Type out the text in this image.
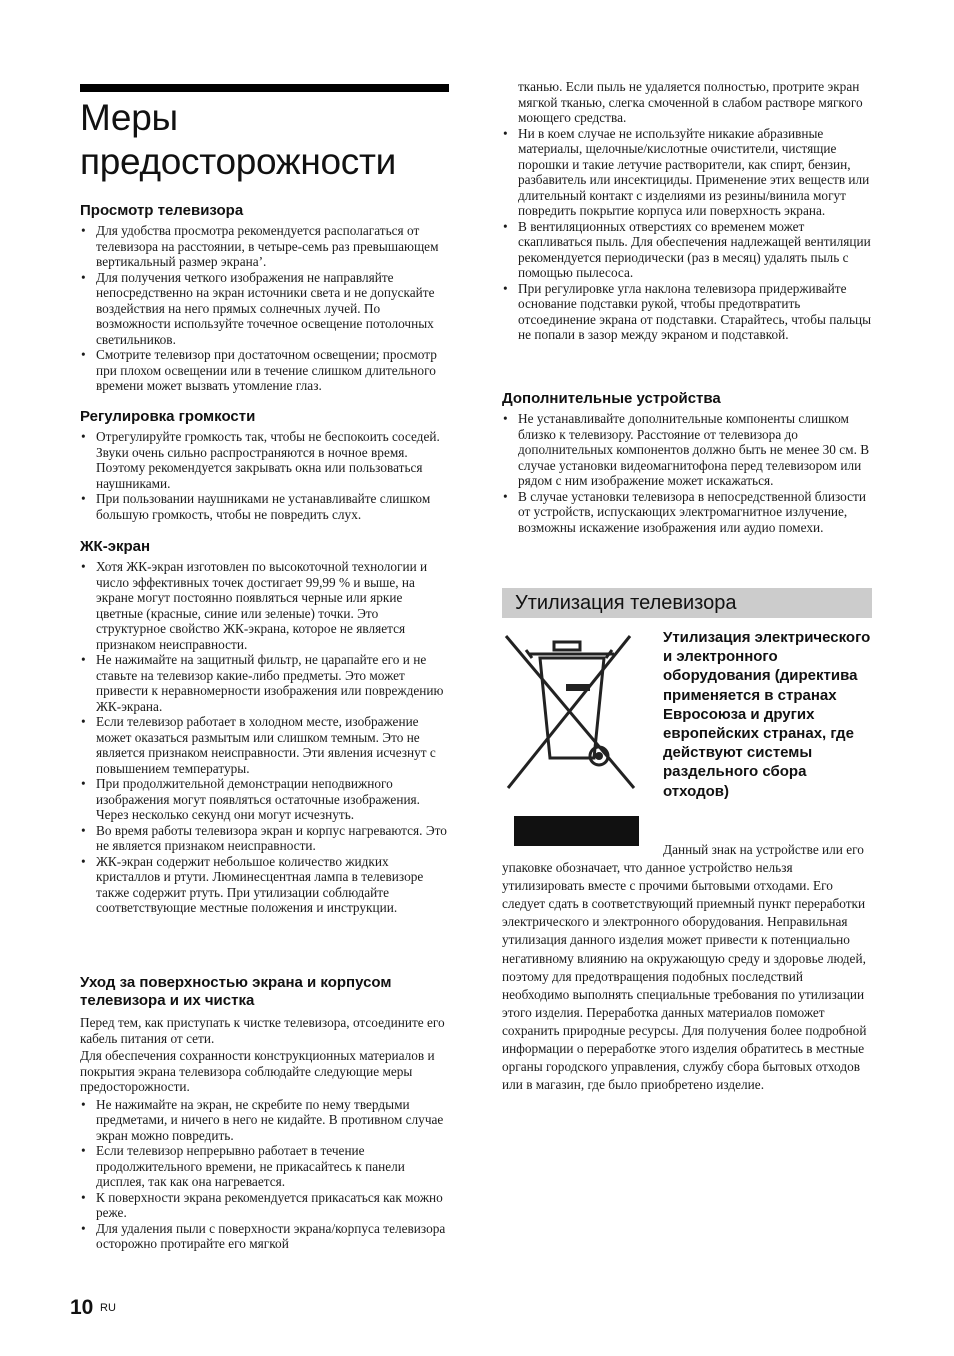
Меры предосторожности
Просмотр телевизора
• Для удобства просмотра рекомендуется располагаться от телевизора на расстоянии, в четыре-семь раз превышающем вертикальный размер экрана’.
• Для получения четкого изображения не направляйте непосредственно на экран источники света и не допускайте воздействия на него прямых солнечных лучей. По возможности используйте точечное освещение потолочных светильников.
• Смотрите телевизор при достаточном освещении; просмотр при плохом освещении или в течение слишком длительного времени может вызвать утомление глаз.
Регулировка громкости
• Отрегулируйте громкость так, чтобы не беспокоить соседей. Звуки очень сильно распространяются в ночное время. Поэтому рекомендуется закрывать окна или пользоваться наушниками.
• При пользовании наушниками не устанавливайте слишком большую громкость, чтобы не повредить слух.
ЖК-экран
• Хотя ЖК-экран изготовлен по высокоточной технологии и число эффективных точек достигает 99,99 % и выше, на экране могут постоянно появляться черные или яркие цветные (красные, синие или зеленые) точки. Это структурное свойство ЖК-экрана, которое не является признаком неисправности.
• Не нажимайте на защитный фильтр, не царапайте его и не ставьте на телевизор какие-либо предметы. Это может привести к неравномерности изображения или повреждению ЖК-экрана.
• Если телевизор работает в холодном месте, изображение может оказаться размытым или слишком темным. Это не является признаком неисправности. Эти явления исчезнут с повышением температуры.
• При продолжительной демонстрации неподвижного изображения могут появляться остаточные изображения. Через несколько секунд они могут исчезнуть.
• Во время работы телевизора экран и корпус нагреваются. Это не является признаком неисправности.
• ЖК-экран содержит небольшое количество жидких кристаллов и ртути. Люминесцентная лампа в телевизоре также содержит ртуть. При утилизации соблюдайте соответствующие местные положения и инструкции.
Уход за поверхностью экрана и корпусом телевизора и их чистка

Перед тем, как приступать к чистке телевизора, отсоедините его кабель питания от сети.

Для обеспечения сохранности конструкционных материалов и покрытия экрана телевизора соблюдайте следующие меры предосторожности.

• Не нажимайте на экран, не скребите по нему твердыми предметами, и ничего в него не кидайте. В противном случае экран можно повредить.
• Если телевизор непрерывно работает в течение продолжительного времени, не прикасайтесь к панели дисплея, так как она нагревается.
• К поверхности экрана рекомендуется прикасаться как можно реже.
• Для удаления пыли с поверхности экрана/корпуса телевизора осторожно протирайте его мягкой

тканью. Если пыль не удаляется полностью, протрите экран мягкой тканью, слегка смоченной в слабом растворе мягкого моющего средства.

• Ни в коем случае не используйте никакие абразивные материалы, щелочные/кислотные очистители, чистящие порошки и такие летучие растворители, как спирт, бензин, разбавитель или инсектициды. Применение этих веществ или длительный контакт с изделиями из резины/винила могут повредить покрытие корпуса или поверхность экрана.
• В вентиляционных отверстиях со временем может скапливаться пыль. Для обеспечения надлежащей вентиляции рекомендуется периодически (раз в месяц) удалять пыль с помощью пылесоса.
• При регулировке угла наклона телевизора придерживайте основание подставки рукой, чтобы предотвратить отсоединение экрана от подставки. Старайтесь, чтобы пальцы не попали в зазор между экраном и подставкой.
Дополнительные устройства
• Не устанавливайте дополнительные компоненты слишком близко к телевизору. Расстояние от телевизора до дополнительных компонентов должно быть не менее 30 см. В случае установки видеомагнитофона перед телевизором или рядом с ним изображение может искажаться.
• В случае установки телевизора в непосредственной близости от устройств, испускающих электромагнитное излучение, возможны искажение изображения или аудио помехи.
Утилизация телевизора
Утилизация электрического и электронного оборудования (директива применяется в странах Евросоюза и других европейских странах, где действуют системы раздельного сбора отходов)

Данный знак на устройстве или его упаковке обозначает, что данное устройство нельзя утилизировать вместе с прочими бытовыми отходами. Его следует сдать в соответствующий приемный пункт переработки электрического и электронного оборудования. Неправильная утилизация данного изделия может привести к потенциально негативному влиянию на окружающую среду и здоровье людей, поэтому для предотвращения подобных последствий необходимо выполнять специальные требования по утилизации этого изделия. Переработка данных материалов поможет сохранить природные ресурсы. Для получения более подробной информации о переработке этого изделия обратитесь в местные органы городского управления, службу сбора бытовых отходов или в магазин, где было приобретено изделие.

10 RU
